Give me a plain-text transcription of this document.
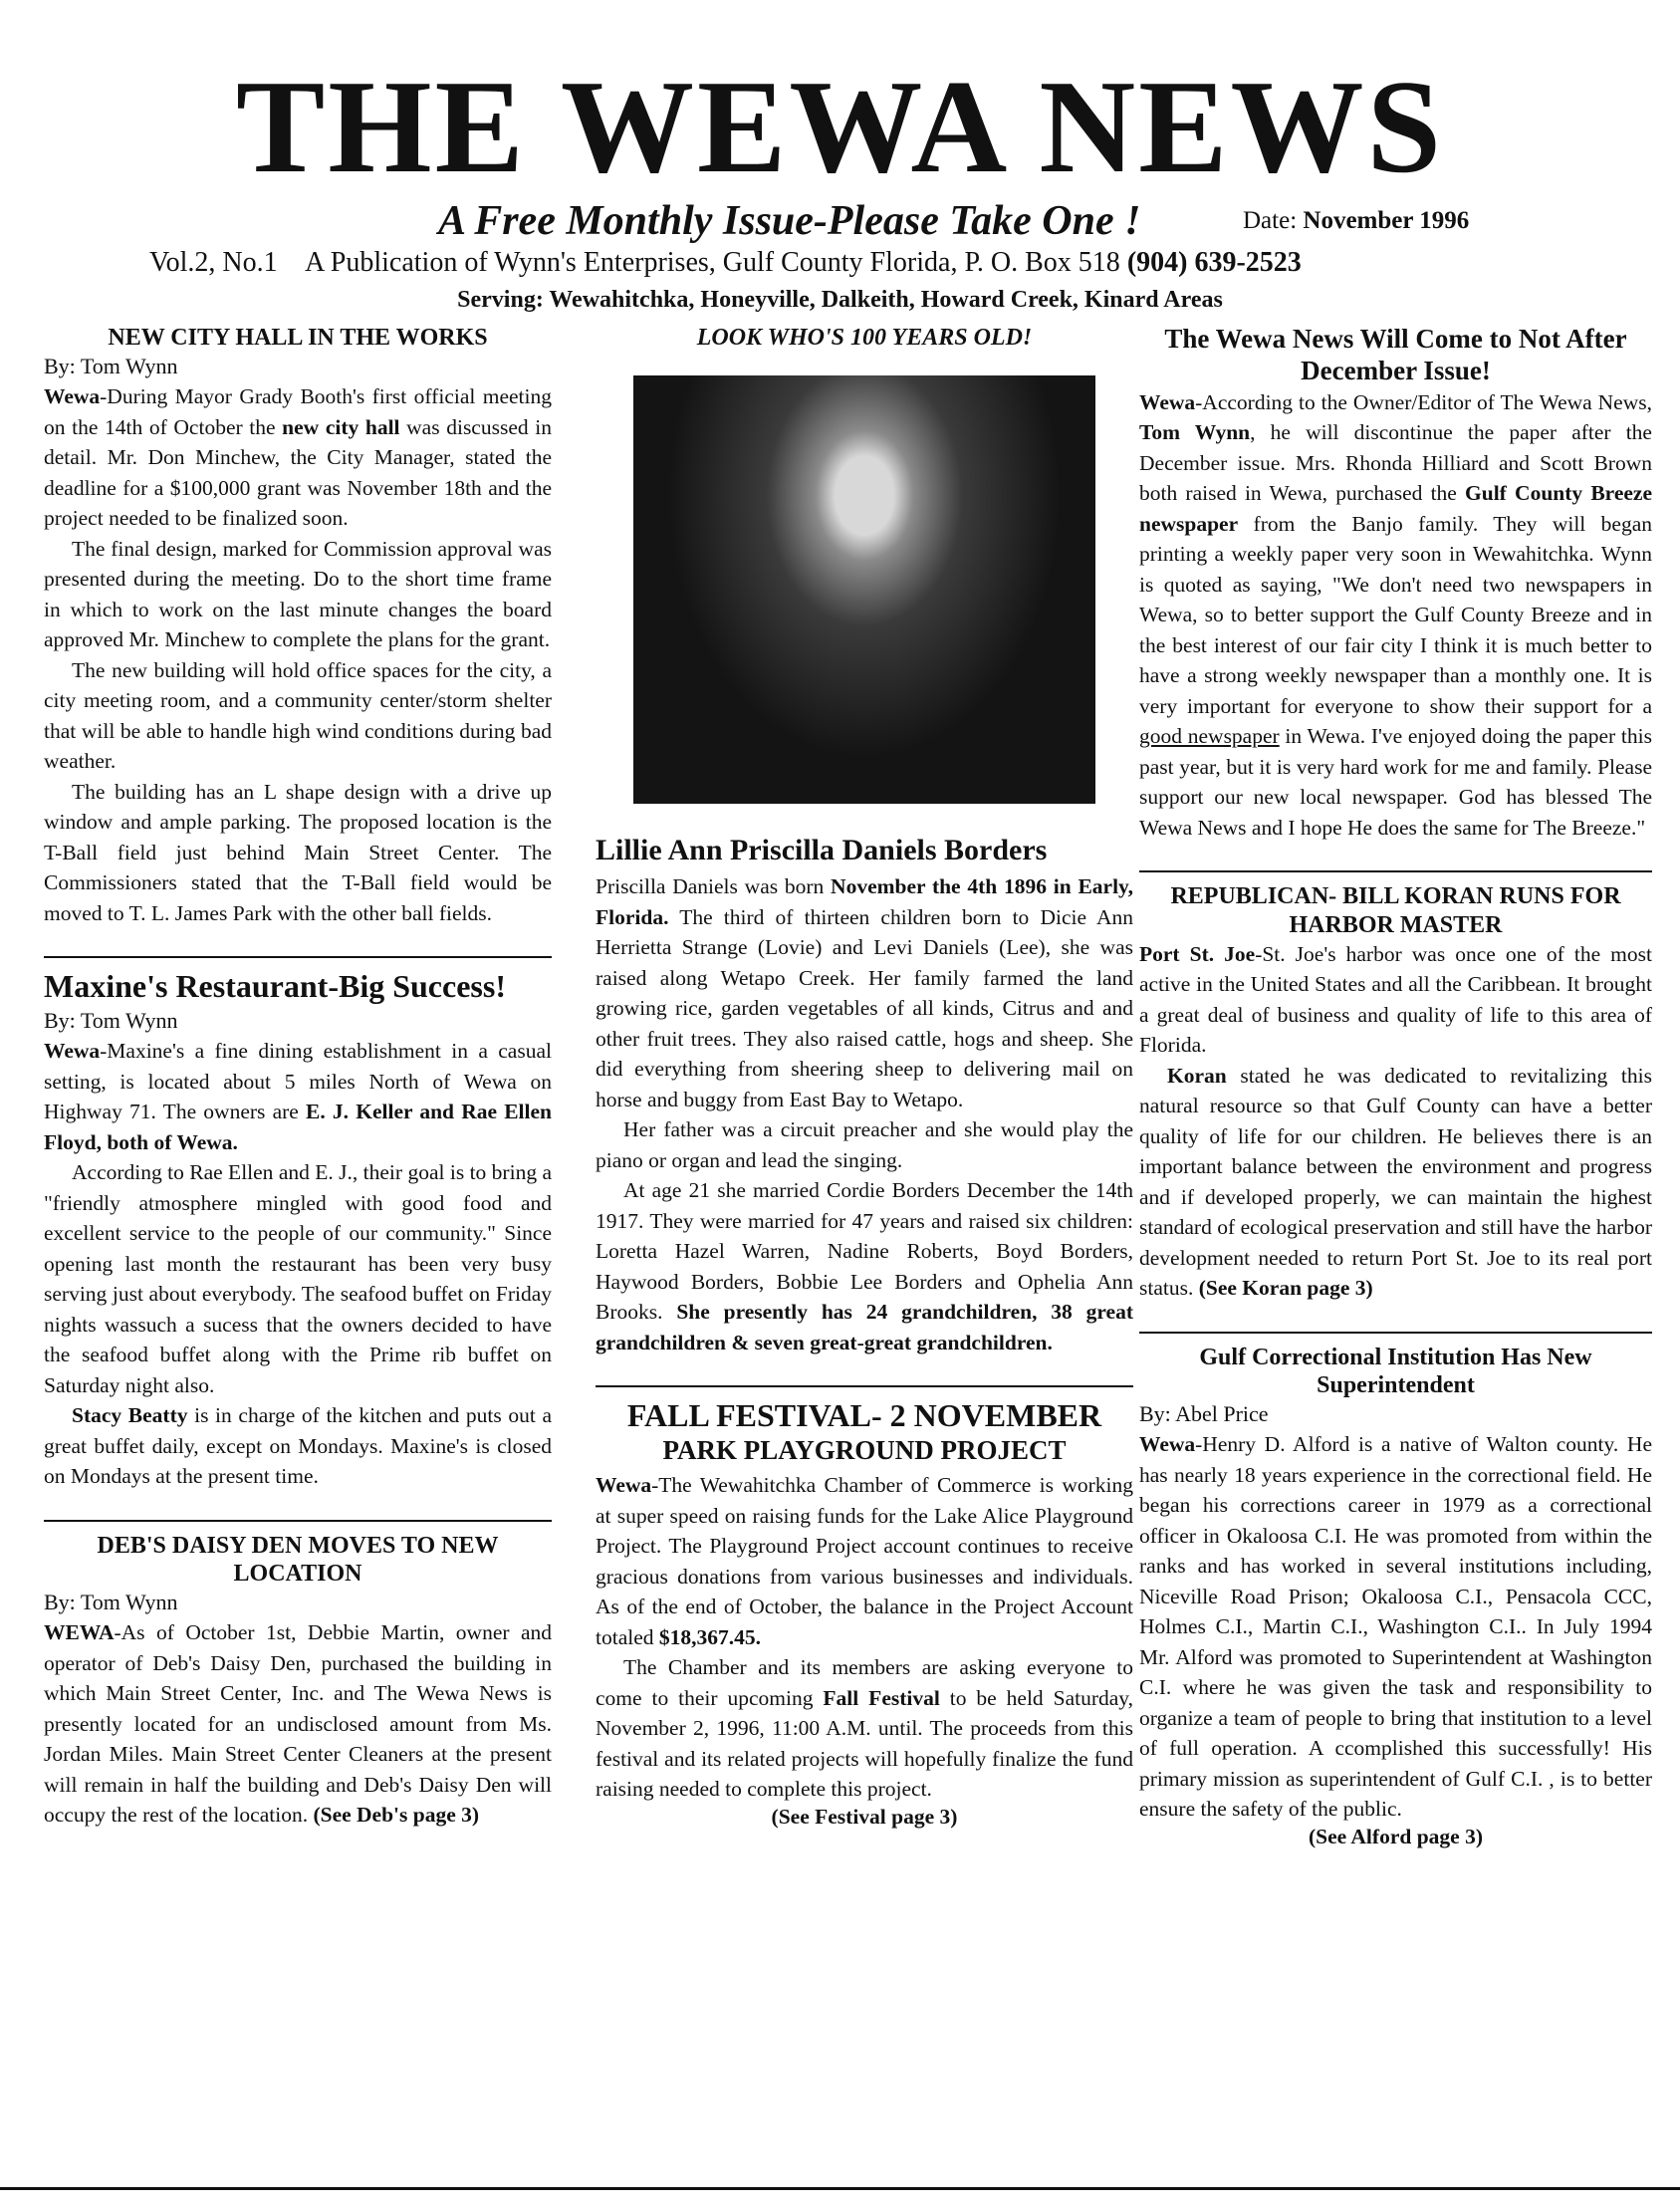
THE WEWA NEWS
A Free Monthly Issue-Please Take One !	Date: November 1996
Vol.2, No.1 A Publication of Wynn's Enterprises, Gulf County Florida, P. O. Box 518 (904) 639-2523
Serving: Wewahitchka, Honeyville, Dalkeith, Howard Creek, Kinard Areas
NEW CITY HALL IN THE WORKS
By: Tom Wynn

Wewa-During Mayor Grady Booth's first official meeting on the 14th of October the new city hall was discussed in detail. Mr. Don Minchew, the City Manager, stated the deadline for a $100,000 grant was November 18th and the project needed to be finalized soon.

The final design, marked for Commission approval was presented during the meeting. Do to the short time frame in which to work on the last minute changes the board approved Mr. Minchew to complete the plans for the grant.

The new building will hold office spaces for the city, a city meeting room, and a community center/storm shelter that will be able to handle high wind conditions during bad weather.

The building has an L shape design with a drive up window and ample parking. The proposed location is the T-Ball field just behind Main Street Center. The Commissioners stated that the T-Ball field would be moved to T. L. James Park with the other ball fields.

Maxine's Restaurant-Big Success!
By: Tom Wynn

Wewa-Maxine's a fine dining establishment in a casual setting, is located about 5 miles North of Wewa on Highway 71. The owners are E. J. Keller and Rae Ellen Floyd, both of Wewa.

According to Rae Ellen and E. J., their goal is to bring a "friendly atmosphere mingled with good food and excellent service to the people of our community." Since opening last month the restaurant has been very busy serving just about everybody. The seafood buffet on Friday nights wassuch a sucess that the owners decided to have the seafood buffet along with the Prime rib buffet on Saturday night also.

Stacy Beatty is in charge of the kitchen and puts out a great buffet daily, except on Mondays. Maxine's is closed on Mondays at the present time.

DEB'S DAISY DEN MOVES TO NEW LOCATION
By: Tom Wynn

WEWA-As of October 1st, Debbie Martin, owner and operator of Deb's Daisy Den, purchased the building in which Main Street Center, Inc. and The Wewa News is presently located for an undisclosed amount from Ms. Jordan Miles. Main Street Center Cleaners at the present will remain in half the building and Deb's Daisy Den will occupy the rest of the location. (See Deb's page 3)

LOOK WHO'S 100 YEARS OLD!
Lillie Ann Priscilla Daniels Borders

Priscilla Daniels was born November the 4th 1896 in Early, Florida. The third of thirteen children born to Dicie Ann Herrietta Strange (Lovie) and Levi Daniels (Lee), she was raised along Wetapo Creek. Her family farmed the land growing rice, garden vegetables of all kinds, Citrus and and other fruit trees. They also raised cattle, hogs and sheep. She did everything from sheering sheep to delivering mail on horse and buggy from East Bay to Wetapo.

Her father was a circuit preacher and she would play the piano or organ and lead the singing.

At age 21 she married Cordie Borders December the 14th 1917. They were married for 47 years and raised six children: Loretta Hazel Warren, Nadine Roberts, Boyd Borders, Haywood Borders, Bobbie Lee Borders and Ophelia Ann Brooks. She presently has 24 grandchildren, 38 great grandchildren & seven great-great grandchildren.

FALL FESTIVAL- 2 NOVEMBER
PARK PLAYGROUND PROJECT

Wewa-The Wewahitchka Chamber of Commerce is working at super speed on raising funds for the Lake Alice Playground Project. The Playground Project account continues to receive gracious donations from various businesses and individuals. As of the end of October, the balance in the Project Account totaled $18,367.45.

The Chamber and its members are asking everyone to come to their upcoming Fall Festival to be held Saturday, November 2, 1996, 11:00 A.M. until. The proceeds from this festival and its related projects will hopefully finalize the fund raising needed to complete this project.

(See Festival page 3)
The Wewa News Will Come to Not After December Issue!

Wewa-According to the Owner/Editor of The Wewa News, Tom Wynn, he will discontinue the paper after the December issue. Mrs. Rhonda Hilliard and Scott Brown both raised in Wewa, purchased the Gulf County Breeze newspaper from the Banjo family. They will began printing a weekly paper very soon in Wewahitchka. Wynn is quoted as saying, "We don't need two newspapers in Wewa, so to better support the Gulf County Breeze and in the best interest of our fair city I think it is much better to have a strong weekly newspaper than a monthly one. It is very important for everyone to show their support for a good newspaper in Wewa. I've enjoyed doing the paper this past year, but it is very hard work for me and family. Please support our new local newspaper. God has blessed The Wewa News and I hope He does the same for The Breeze."

REPUBLICAN- BILL KORAN RUNS FOR HARBOR MASTER

Port St. Joe-St. Joe's harbor was once one of the most active in the United States and all the Caribbean. It brought a great deal of business and quality of life to this area of Florida.

Koran stated he was dedicated to revitalizing this natural resource so that Gulf County can have a better quality of life for our children. He believes there is an important balance between the environment and progress and if developed properly, we can maintain the highest standard of ecological preservation and still have the harbor development needed to return Port St. Joe to its real port status. (See Koran page 3)

Gulf Correctional Institution Has New Superintendent
By: Abel Price

Wewa-Henry D. Alford is a native of Walton county. He has nearly 18 years experience in the correctional field. He began his corrections career in 1979 as a correctional officer in Okaloosa C.I. He was promoted from within the ranks and has worked in several institutions including, Niceville Road Prison; Okaloosa C.I., Pensacola CCC, Holmes C.I., Martin C.I., Washington C.I.. In July 1994 Mr. Alford was promoted to Superintendent at Washington C.I. where he was given the task and responsibility to organize a team of people to bring that institution to a level of full operation. A ccomplished this successfully! His primary mission as superintendent of Gulf C.I. , is to better ensure the safety of the public.

(See Alford page 3)
